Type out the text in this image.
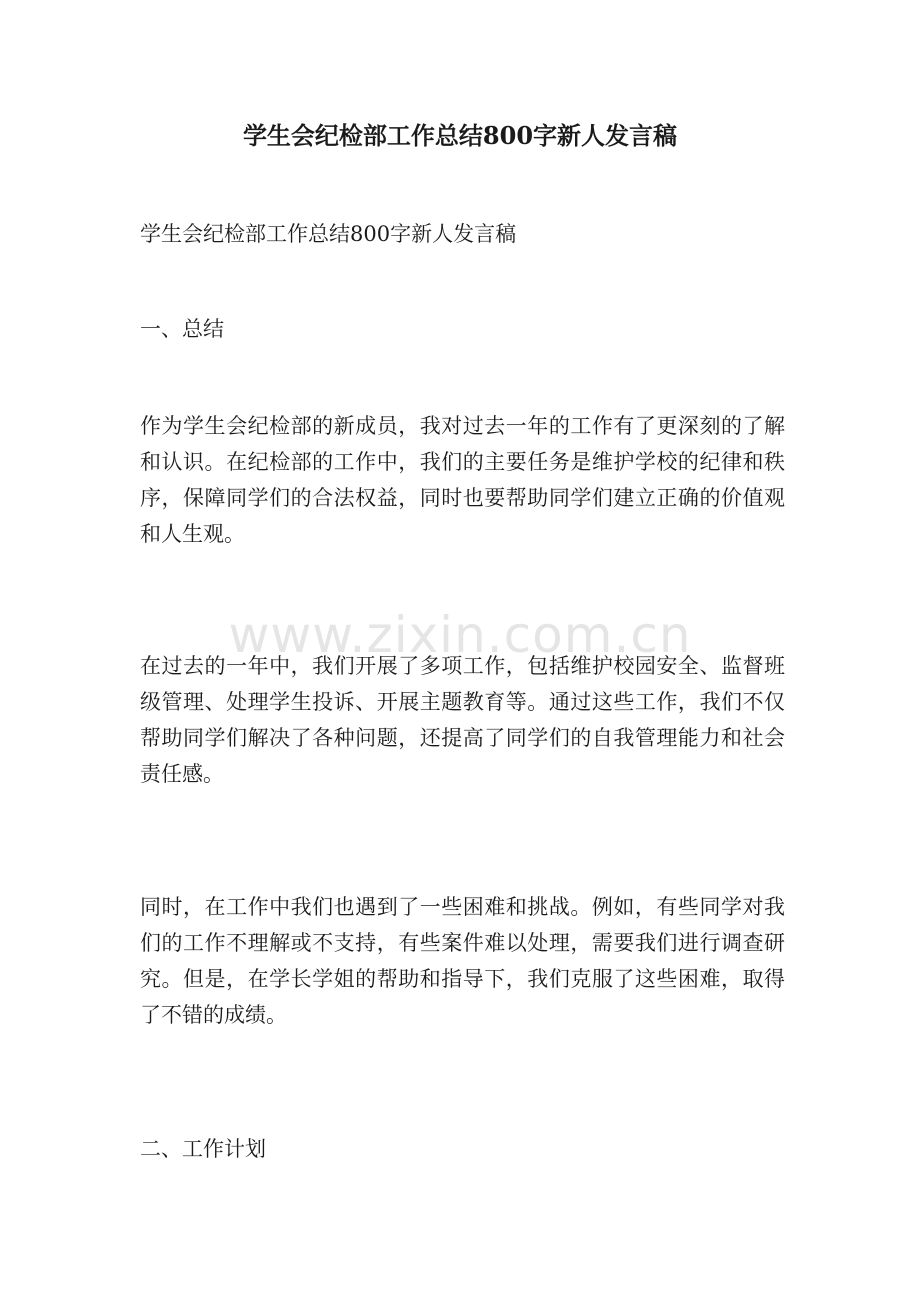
学生会纪检部工作总结800字新人发言稿

学生会纪检部工作总结800字新人发言稿

一、总结

作为学生会纪检部的新成员，我对过去一年的工作有了更深刻的了解和认识。在纪检部的工作中，我们的主要任务是维护学校的纪律和秩序，保障同学们的合法权益，同时也要帮助同学们建立正确的价值观和人生观。

在过去的一年中，我们开展了多项工作，包括维护校园安全、监督班级管理、处理学生投诉、开展主题教育等。通过这些工作，我们不仅帮助同学们解决了各种问题，还提高了同学们的自我管理能力和社会责任感。

同时，在工作中我们也遇到了一些困难和挑战。例如，有些同学对我们的工作不理解或不支持，有些案件难以处理，需要我们进行调查研究。但是，在学长学姐的帮助和指导下，我们克服了这些困难，取得了不错的成绩。

二、工作计划

www.zixin.com.cn
